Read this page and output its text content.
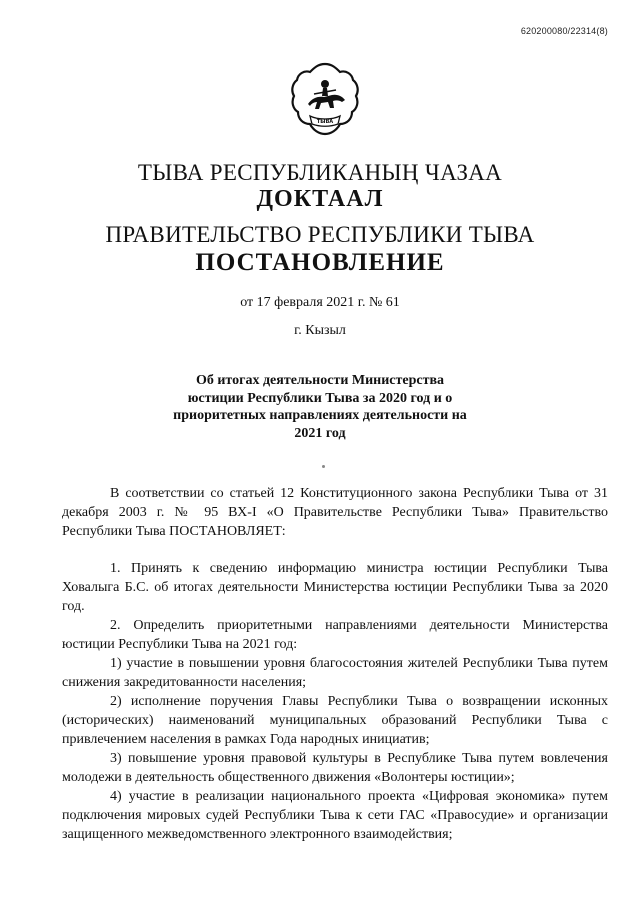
620200080/22314(8)
ТЫВА
ТЫВА РЕСПУБЛИКАНЫҢ ЧАЗАА
ДОКТААЛ
ПРАВИТЕЛЬСТВО РЕСПУБЛИКИ ТЫВА
ПОСТАНОВЛЕНИЕ
от 17 февраля 2021 г. № 61
г. Кызыл
Об итогах деятельности Министерства юстиции Республики Тыва за 2020 год и о приоритетных направлениях деятельности на 2021 год

В соответствии со статьей 12 Конституционного закона Республики Тыва от 31 декабря 2003 г. № 95 ВХ-I «О Правительстве Республики Тыва» Правительство Республики Тыва ПОСТАНОВЛЯЕТ:

1. Принять к сведению информацию министра юстиции Республики Тыва Ховалыга Б.С. об итогах деятельности Министерства юстиции Республики Тыва за 2020 год.

2. Определить приоритетными направлениями деятельности Министерства юстиции Республики Тыва на 2021 год:

1) участие в повышении уровня благосостояния жителей Республики Тыва путем снижения закредитованности населения;

2) исполнение поручения Главы Республики Тыва о возвращении исконных (исторических) наименований муниципальных образований Республики Тыва с привлечением населения в рамках Года народных инициатив;

3) повышение уровня правовой культуры в Республике Тыва путем вовлечения молодежи в деятельность общественного движения «Волонтеры юстиции»;

4) участие в реализации национального проекта «Цифровая экономика» путем подключения мировых судей Республики Тыва к сети ГАС «Правосудие» и организации защищенного межведомственного электронного взаимодействия;
